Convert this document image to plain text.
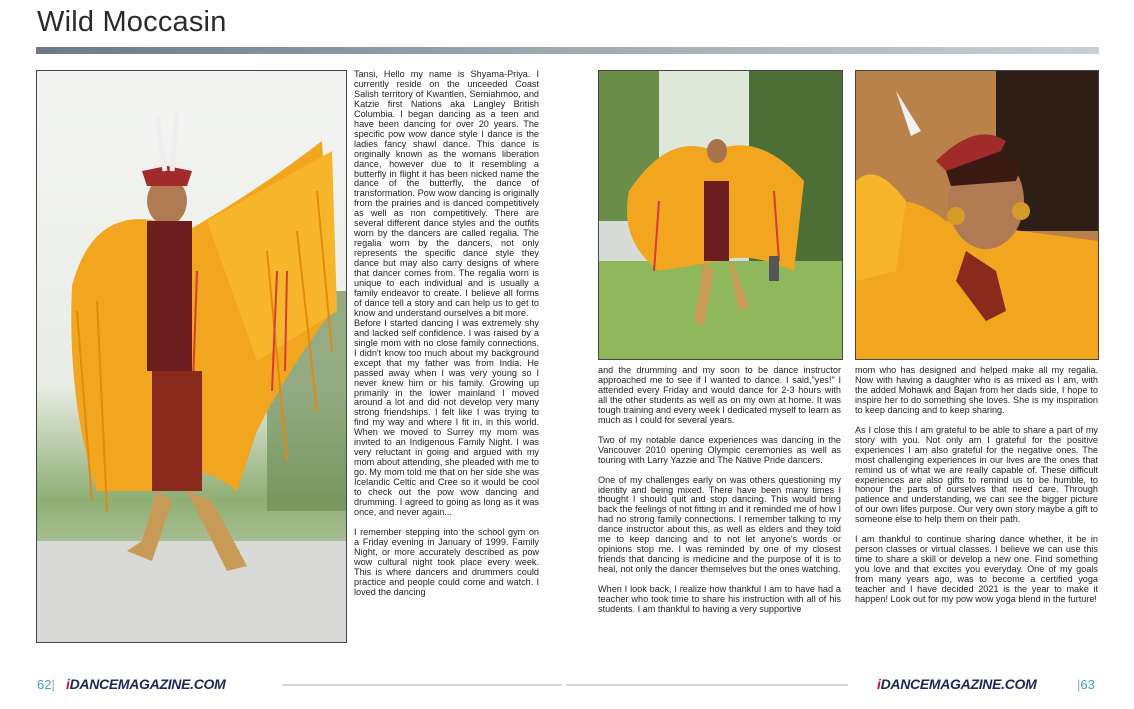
Wild Moccasin

Tansi, Hello my name is Shyama-Priya. I currently reside on the unceeded Coast Salish territory of Kwantlen, Semiahmoo, and Katzie first Nations aka Langley British Columbia. I began dancing as a teen and have been dancing for over 20 years. The specific pow wow dance style I dance is the ladies fancy shawl dance. This dance is originally known as the womans liberation dance, however due to it resembling a butterfly in flight it has been nicked name the dance of the butterfly, the dance of transformation. Pow wow dancing is originally from the prairies and is danced competitively as well as non competitively. There are several different dance styles and the outfits worn by the dancers are called regalia. The regalia worn by the dancers, not only represents the specific dance style they dance but may also carry designs of where that dancer comes from. The regalia worn is unique to each individual and is usually a family endeavor to create. I believe all forms of dance tell a story and can help us to get to know and understand ourselves a bit more.

Before I started dancing I was extremely shy and lacked self confidence. I was raised by a single mom with no close family connections. I didn't know too much about my background except that my father was from India. He passed away when I was very young so I never knew him or his family. Growing up primarily in the lower mainland I moved around a lot and did not develop very many strong friendships. I felt like I was trying to find my way and where I fit in, in this world. When we moved to Surrey my mom was invited to an Indigenous Family Night. I was very reluctant in going and argued with my mom about attending, she pleaded with me to go. My mom told me that on her side she was Icelandic Celtic and Cree so it would be cool to check out the pow wow dancing and drumming. I agreed to going as long as it was once, and never again...

I remember stepping into the school gym on a Friday evening in January of 1999. Family Night, or more accurately described as pow wow cultural night took place every week. This is where dancers and drummers could practice and people could come and watch. I loved the dancing

and the drumming and my soon to be dance instructor approached me to see if I wanted to dance. I said,"yes!" I attended every Friday and would dance for 2-3 hours with all the other students as well as on my own at home. It was tough training and every week I dedicated myself to learn as much as I could for several years.

Two of my notable dance experiences was dancing in the Vancouver 2010 opening Olympic ceremonies as well as touring with Larry Yazzie and The Native Pride dancers.

One of my challenges early on was others questioning my identity and being mixed. There have been many times I thought I should quit and stop dancing. This would bring back the feelings of not fitting in and it reminded me of how I had no strong family connections. I remember talking to my dance instructor about this, as well as elders and they told me to keep dancing and to not let anyone's words or opinions stop me. I was reminded by one of my closest friends that dancing is medicine and the purpose of it is to heal, not only the dancer themselves but the ones watching.

When I look back, I realize how thankful I am to have had a teacher who took time to share his instruction with all of his students. I am thankful to having a very supportive

mom who has designed and helped make all my regalia. Now with having a daughter who is as mixed as I am, with the added Mohawk and Bajan from her dads side, I hope to inspire her to do something she loves. She is my inspiration to keep dancing and to keep sharing.

As I close this I am grateful to be able to share a part of my story with you. Not only am I grateful for the positive experiences I am also grateful for the negative ones. The most challenging experiences in our lives are the ones that remind us of what we are really capable of. These difficult experiences are also gifts to remind us to be humble, to honour the parts of ourselves that need care. Through patience and understanding, we can see the bigger picture of our own lifes purpose. Our very own story maybe a gift to someone else to help them on their path.

I am thankful to continue sharing dance whether, it be in person classes or virtual classes. I believe we can use this time to share a skill or develop a new one. Find something you love and that excites you everyday. One of my goals from many years ago, was to become a certified yoga teacher and I have decided 2021 is the year to make it happen! Look out for my pow wow yoga blend in the furture!

62| iDANCEMAGAZINE.COM	iDANCEMAGAZINE.COM	|63
